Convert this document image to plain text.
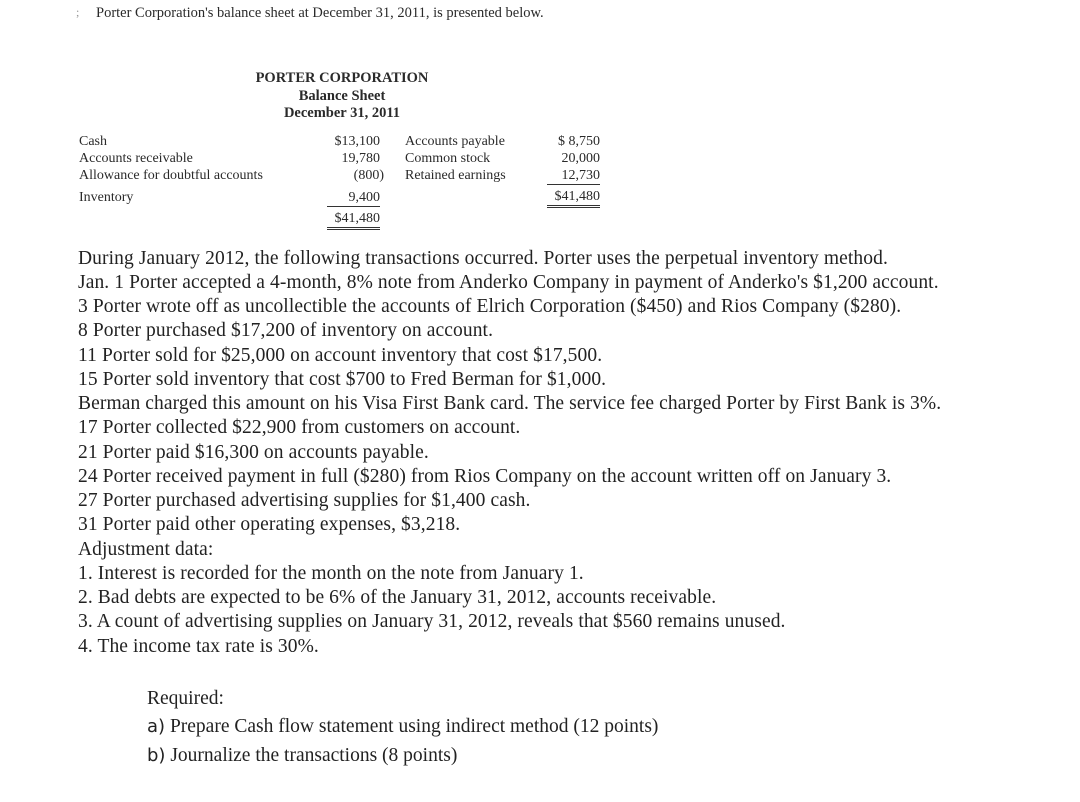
; Porter Corporation's balance sheet at December 31, 2011, is presented below.
PORTER CORPORATION
Balance Sheet
December 31, 2011
Cash
Accounts receivable
Allowance for doubtful accounts
Inventory
$13,100
19,780
(800)
9,400
$41,480
Accounts payable
Common stock
Retained earnings
$ 8,750
20,000
12,730
$41,480
During January 2012, the following transactions occurred. Porter uses the perpetual inventory method.
Jan. 1 Porter accepted a 4-month, 8% note from Anderko Company in payment of Anderko's $1,200 account.
3 Porter wrote off as uncollectible the accounts of Elrich Corporation ($450) and Rios Company ($280).
8 Porter purchased $17,200 of inventory on account.
11 Porter sold for $25,000 on account inventory that cost $17,500.
15 Porter sold inventory that cost $700 to Fred Berman for $1,000.
Berman charged this amount on his Visa First Bank card. The service fee charged Porter by First Bank is 3%.
17 Porter collected $22,900 from customers on account.
21 Porter paid $16,300 on accounts payable.
24 Porter received payment in full ($280) from Rios Company on the account written off on January 3.
27 Porter purchased advertising supplies for $1,400 cash.
31 Porter paid other operating expenses, $3,218.
Adjustment data:
1. Interest is recorded for the month on the note from January 1.
2. Bad debts are expected to be 6% of the January 31, 2012, accounts receivable.
3. A count of advertising supplies on January 31, 2012, reveals that $560 remains unused.
4. The income tax rate is 30%.
Required:
a) Prepare Cash flow statement using indirect method (12 points)
b) Journalize the transactions (8 points)
